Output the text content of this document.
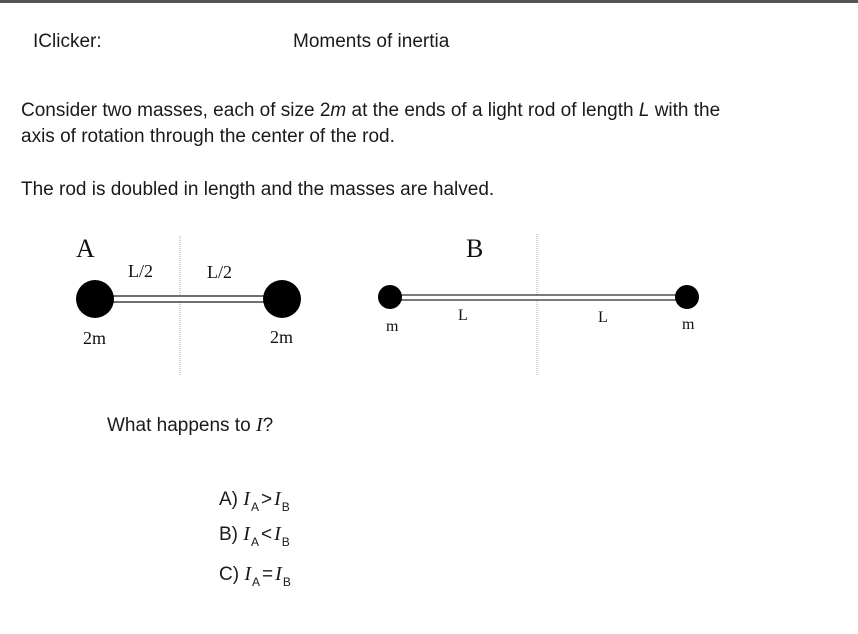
IClicker:	Moments of inertia
Consider two masses, each of size 2m at the ends of a light rod of length L with the
axis of rotation through the center of the rod.
The rod is doubled in length and the masses are halved.
A
L/2	L/2
2m	2m
B
L	L
m	m
What happens to I?
A) $I_A > I_B$
B) $I_A < I_B$
C) $I_A = I_B$
